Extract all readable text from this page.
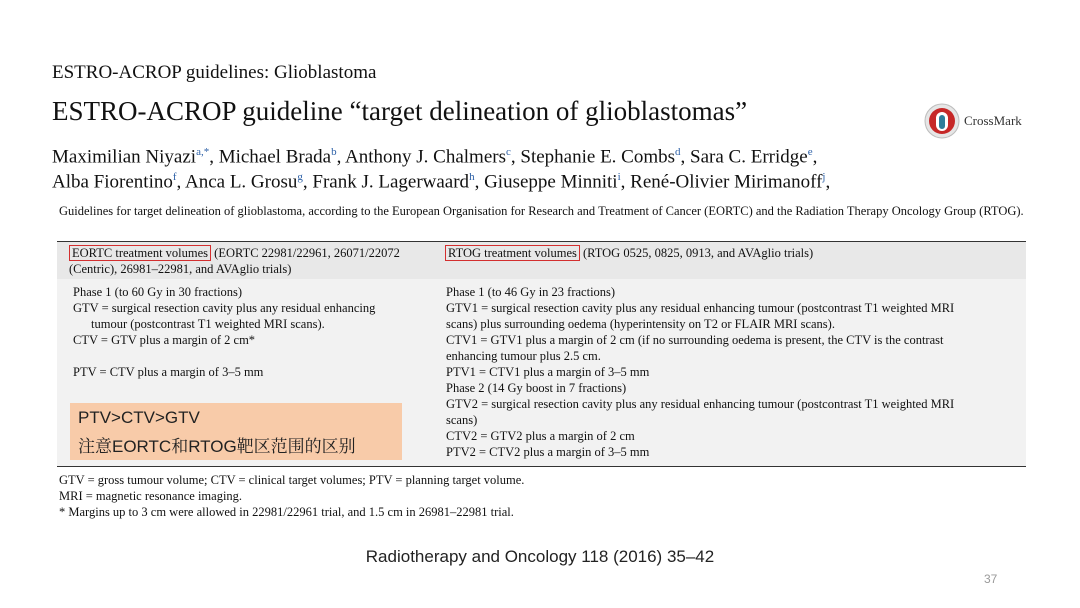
ESTRO-ACROP guidelines: Glioblastoma
ESTRO-ACROP guideline “target delineation of glioblastomas”	CrossMark
Maximilian Niyazi$^{a,*}$, Michael Brada$^b$, Anthony J. Chalmers$^c$, Stephanie E. Combs$^d$, Sara C. Erridge$^e$,
Alba Fiorentino$^f$, Anca L. Grosu$^g$, Frank J. Lagerwaard$^h$, Giuseppe Minniti$^i$, René-Olivier Mirimanoff$^j$,
Guidelines for target delineation of glioblastoma, according to the European Organisation for Research and Treatment of Cancer (EORTC) and the Radiation Therapy Oncology Group (RTOG).
EORTC treatment volumes (EORTC 22981/22961, 26071/22072 (Centric), 26981–22981, and AVAglio trials)
RTOG treatment volumes (RTOG 0525, 0825, 0913, and AVAglio trials)
Phase 1 (to 60 Gy in 30 fractions)
GTV = surgical resection cavity plus any residual enhancing
tumour (postcontrast T1 weighted MRI scans).
CTV = GTV plus a margin of 2 cm*
PTV = CTV plus a margin of 3–5 mm
Phase 1 (to 46 Gy in 23 fractions)
GTV1 = surgical resection cavity plus any residual enhancing tumour (postcontrast T1 weighted MRI
scans) plus surrounding oedema (hyperintensity on T2 or FLAIR MRI scans).
CTV1 = GTV1 plus a margin of 2 cm (if no surrounding oedema is present, the CTV is the contrast
enhancing tumour plus 2.5 cm.
PTV1 = CTV1 plus a margin of 3–5 mm
Phase 2 (14 Gy boost in 7 fractions)
GTV2 = surgical resection cavity plus any residual enhancing tumour (postcontrast T1 weighted MRI
scans)
CTV2 = GTV2 plus a margin of 2 cm
PTV2 = CTV2 plus a margin of 3–5 mm
GTV = gross tumour volume; CTV = clinical target volumes; PTV = planning target volume.
MRI = magnetic resonance imaging.
* Margins up to 3 cm were allowed in 22981/22961 trial, and 1.5 cm in 26981–22981 trial.
PTV>CTV>GTV
注意EORTC和RTOG靶区范围的区别
Radiotherapy and Oncology 118 (2016) 35–42
37
